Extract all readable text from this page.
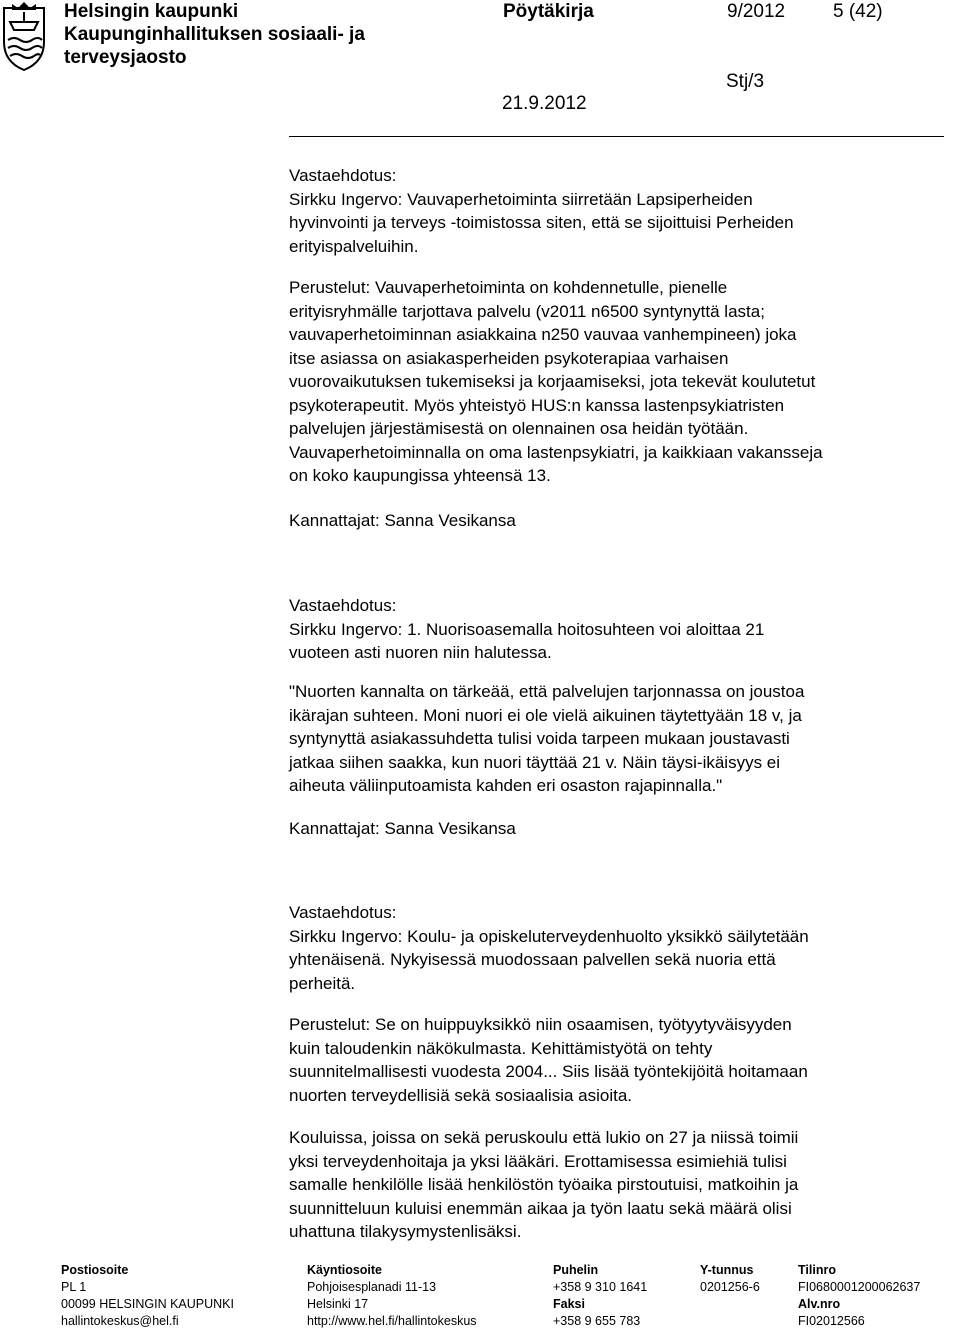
Helsingin kaupunki
Kaupunginhallituksen sosiaali- ja
terveysjaosto
Pöytäkirja	9/2012	5 (42)
Stj/3
21.9.2012

Vastaehdotus:

Sirkku Ingervo: Vauvaperhetoiminta siirretään Lapsiperheiden

hyvinvointi ja terveys -toimistossa siten, että se sijoittuisi Perheiden

erityispalveluihin.

Perustelut: Vauvaperhetoiminta on kohdennetulle, pienelle

erityisryhmälle tarjottava palvelu (v2011 n6500 syntynyttä lasta;

vauvaperhetoiminnan asiakkaina n250 vauvaa vanhempineen) joka

itse asiassa on asiakasperheiden psykoterapiaa varhaisen

vuorovaikutuksen tukemiseksi ja korjaamiseksi, jota tekevät koulutetut

psykoterapeutit. Myös yhteistyö HUS:n kanssa lastenpsykiatristen

palvelujen järjestämisestä on olennainen osa heidän työtään.

Vauvaperhetoiminnalla on oma lastenpsykiatri, ja kaikkiaan vakansseja

on koko kaupungissa yhteensä 13.

Kannattajat: Sanna Vesikansa

Vastaehdotus:

Sirkku Ingervo: 1. Nuorisoasemalla hoitosuhteen voi aloittaa 21

vuoteen asti nuoren niin halutessa.

"Nuorten kannalta on tärkeää, että palvelujen tarjonnassa on joustoa

ikärajan suhteen. Moni nuori ei ole vielä aikuinen täytettyään 18 v, ja

syntynyttä asiakassuhdetta tulisi voida tarpeen mukaan joustavasti

jatkaa siihen saakka, kun nuori täyttää 21 v. Näin täysi-ikäisyys ei

aiheuta väliinputoamista kahden eri osaston rajapinnalla."

Kannattajat: Sanna Vesikansa

Vastaehdotus:

Sirkku Ingervo: Koulu- ja opiskeluterveydenhuolto yksikkö säilytetään

yhtenäisenä. Nykyisessä muodossaan palvellen sekä nuoria että

perheitä.

Perustelut: Se on huippuyksikkö niin osaamisen, työtyytyväisyyden

kuin taloudenkin näkökulmasta. Kehittämistyötä on tehty

suunnitelmallisesti vuodesta 2004... Siis lisää työntekijöitä hoitamaan

nuorten terveydellisiä sekä sosiaalisia asioita.

Kouluissa, joissa on sekä peruskoulu että lukio on 27 ja niissä toimii

yksi terveydenhoitaja ja yksi lääkäri. Erottamisessa esimiehiä tulisi

samalle henkilölle lisää henkilöstön työaika pirstoutuisi, matkoihin ja

suunnitteluun kuluisi enemmän aikaa ja työn laatu sekä määrä olisi

uhattuna tilakysymystenlisäksi.

Postiosoite
PL 1
00099 HELSINGIN KAUPUNKI
hallintokeskus@hel.fi
Käyntiosoite
Pohjoisesplanadi 11-13
Helsinki 17
http://www.hel.fi/hallintokeskus
Puhelin
+358 9 310 1641
Faksi
+358 9 655 783
Y-tunnus
0201256-6
Tilinro
FI0680001200062637
Alv.nro
FI02012566
